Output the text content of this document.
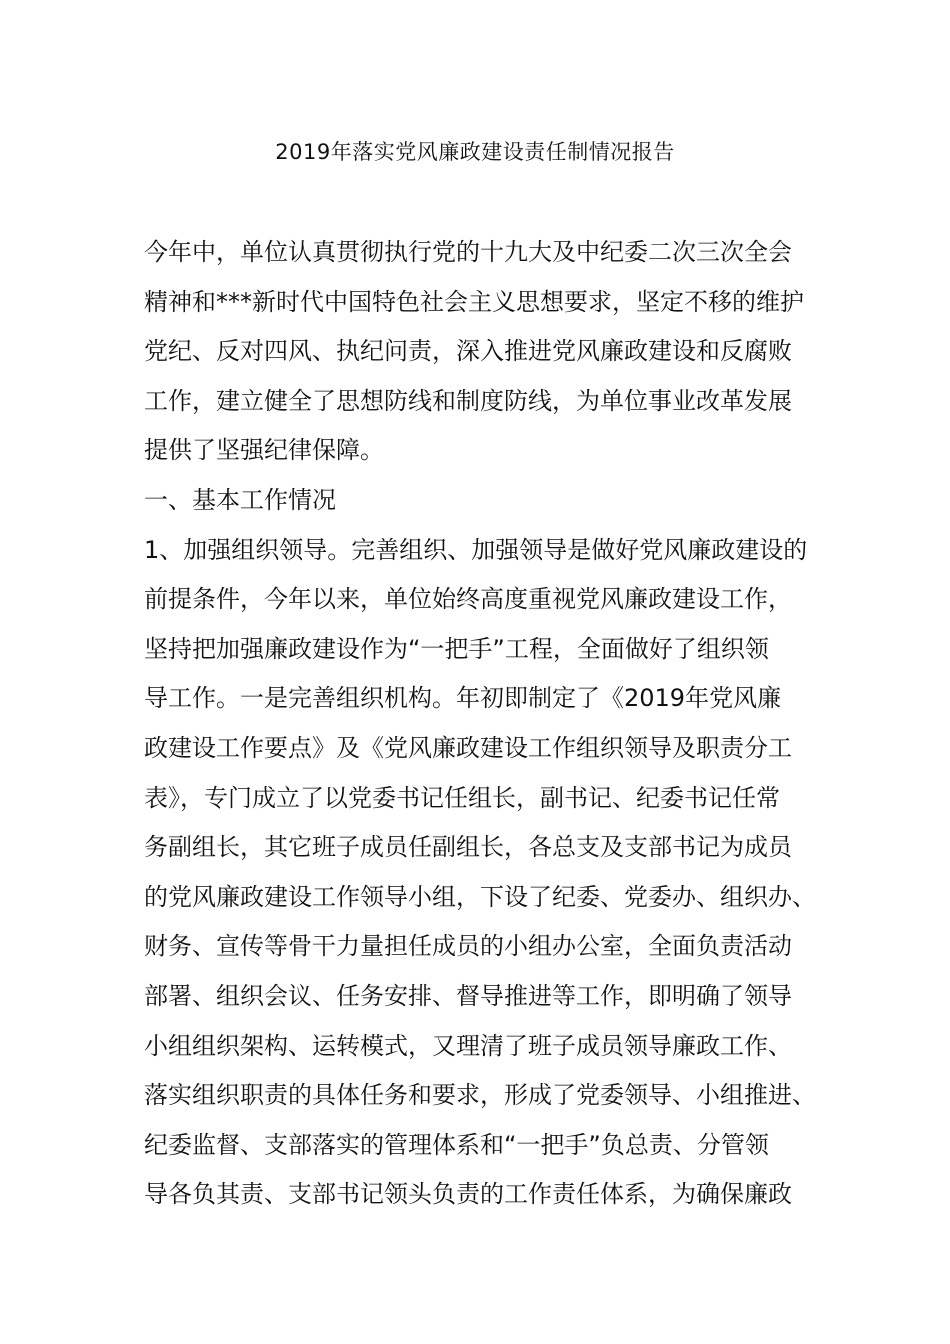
2019年落实党风廉政建设责任制情况报告
今年中，单位认真贯彻执行党的十九大及中纪委二次三次全会
精神和***新时代中国特色社会主义思想要求，坚定不移的维护
党纪、反对四风、执纪问责，深入推进党风廉政建设和反腐败
工作，建立健全了思想防线和制度防线，为单位事业改革发展
提供了坚强纪律保障。
一、基本工作情况
1、加强组织领导。完善组织、加强领导是做好党风廉政建设的
前提条件，今年以来，单位始终高度重视党风廉政建设工作，
坚持把加强廉政建设作为“一把手”工程，全面做好了组织领
导工作。一是完善组织机构。年初即制定了《2019年党风廉
政建设工作要点》及《党风廉政建设工作组织领导及职责分工
表》，专门成立了以党委书记任组长，副书记、纪委书记任常
务副组长，其它班子成员任副组长，各总支及支部书记为成员
的党风廉政建设工作领导小组，下设了纪委、党委办、组织办、
财务、宣传等骨干力量担任成员的小组办公室，全面负责活动
部署、组织会议、任务安排、督导推进等工作，即明确了领导
小组组织架构、运转模式，又理清了班子成员领导廉政工作、
落实组织职责的具体任务和要求，形成了党委领导、小组推进、
纪委监督、支部落实的管理体系和“一把手”负总责、分管领
导各负其责、支部书记领头负责的工作责任体系，为确保廉政
